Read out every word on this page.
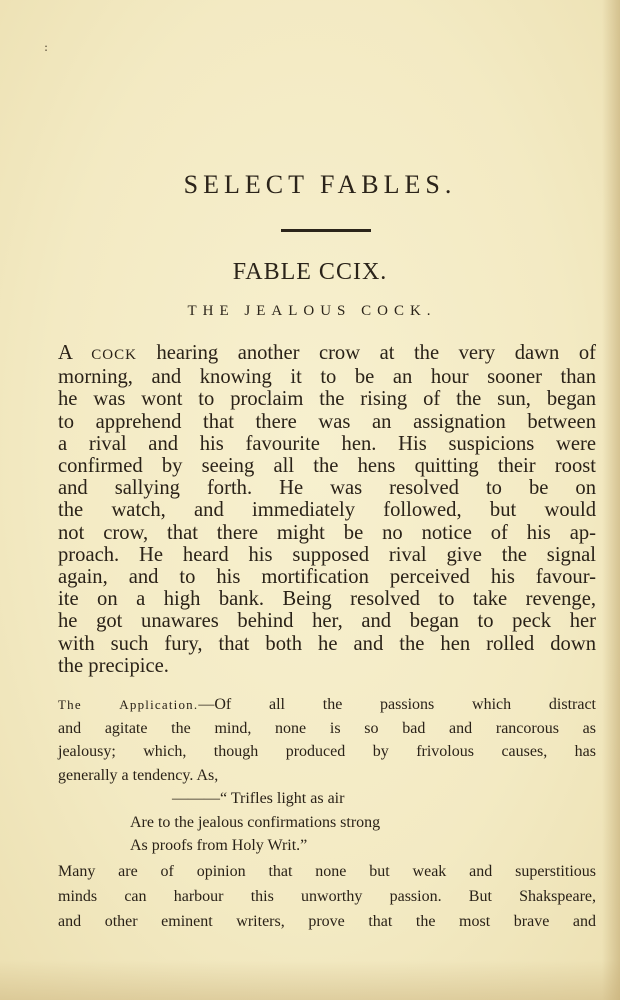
:
SELECT FABLES.
FABLE CCIX.
THE JEALOUS COCK.
A COCK hearing another crow at the very dawn of
morning, and knowing it to be an hour sooner than
he was wont to proclaim the rising of the sun, began
to apprehend that there was an assignation between
a rival and his favourite hen. His suspicions were
confirmed by seeing all the hens quitting their roost
and sallying forth. He was resolved to be on
the watch, and immediately followed, but would
not crow, that there might be no notice of his ap-
proach. He heard his supposed rival give the signal
again, and to his mortification perceived his favour-
ite on a high bank. Being resolved to take revenge,
he got unawares behind her, and began to peck her
with such fury, that both he and the hen rolled down
the precipice.
The Application.—Of all the passions which distract
and agitate the mind, none is so bad and rancorous as
jealousy; which, though produced by frivolous causes, has
generally a tendency. As,
———“ Trifles light as air
Are to the jealous confirmations strong
As proofs from Holy Writ.”
Many are of opinion that none but weak and superstitious
minds can harbour this unworthy passion. But Shakspeare,
and other eminent writers, prove that the most brave and
